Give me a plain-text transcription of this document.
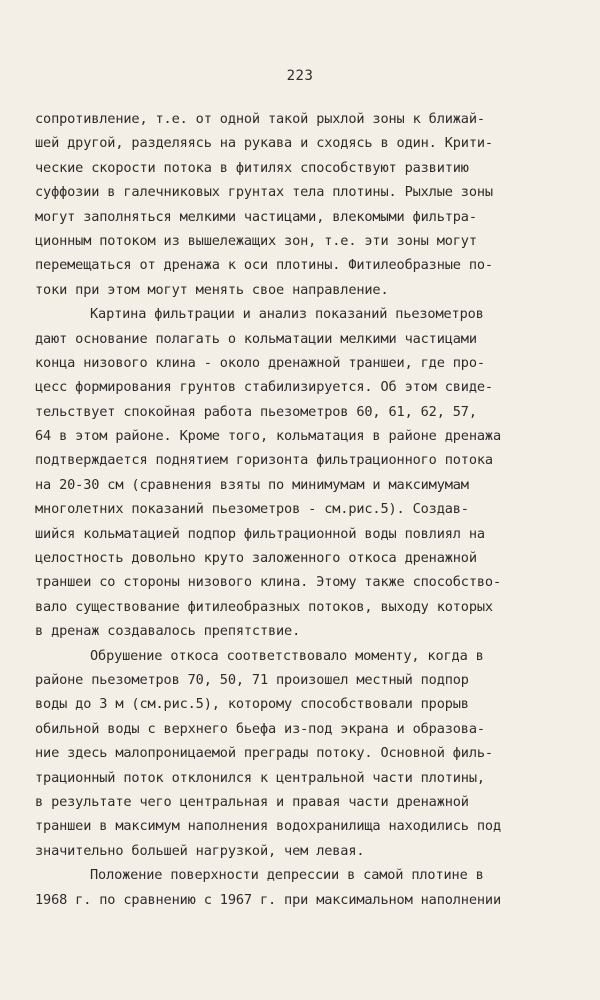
223
сопротивление, т.е. от одной такой рыхлой зоны к ближай-
шей другой, разделяясь на рукава и сходясь в один. Крити-
ческие скорости потока в фитилях способствуют развитию
суффозии в галечниковых грунтах тела плотины. Рыхлые зоны
могут заполняться мелкими частицами, влекомыми фильтра-
ционным потоком из вышележащих зон, т.е. эти зоны могут
перемещаться от дренажа к оси плотины. Фитилеобразные по-
токи при этом могут менять свое направление.
Картина фильтрации и анализ показаний пьезометров
дают основание полагать о кольматации мелкими частицами
конца низового клина - около дренажной траншеи, где про-
цесс формирования грунтов стабилизируется. Об этом свиде-
тельствует спокойная работа пьезометров 60, 61, 62, 57,
64 в этом районе. Кроме того, кольматация в районе дренажа
подтверждается поднятием горизонта фильтрационного потока
на 20-30 см (сравнения взяты по минимумам и максимумам
многолетних показаний пьезометров - см.рис.5). Создав-
шийся кольматацией подпор фильтрационной воды повлиял на
целостность довольно круто заложенного откоса дренажной
траншеи со стороны низового клина. Этому также способство-
вало существование фитилеобразных потоков, выходу которых
в дренаж создавалось препятствие.
Обрушение откоса соответствовало моменту, когда в
районе пьезометров 70, 50, 71 произошел местный подпор
воды до 3 м (см.рис.5), которому способствовали прорыв
обильной воды с верхнего бьефа из-под экрана и образова-
ние здесь малопроницаемой преграды потоку. Основной филь-
трационный поток отклонился к центральной части плотины,
в результате чего центральная и правая части дренажной
траншеи в максимум наполнения водохранилища находились под
значительно большей нагрузкой, чем левая.
Положение поверхности депрессии в самой плотине в
1968 г. по сравнению с 1967 г. при максимальном наполнении
